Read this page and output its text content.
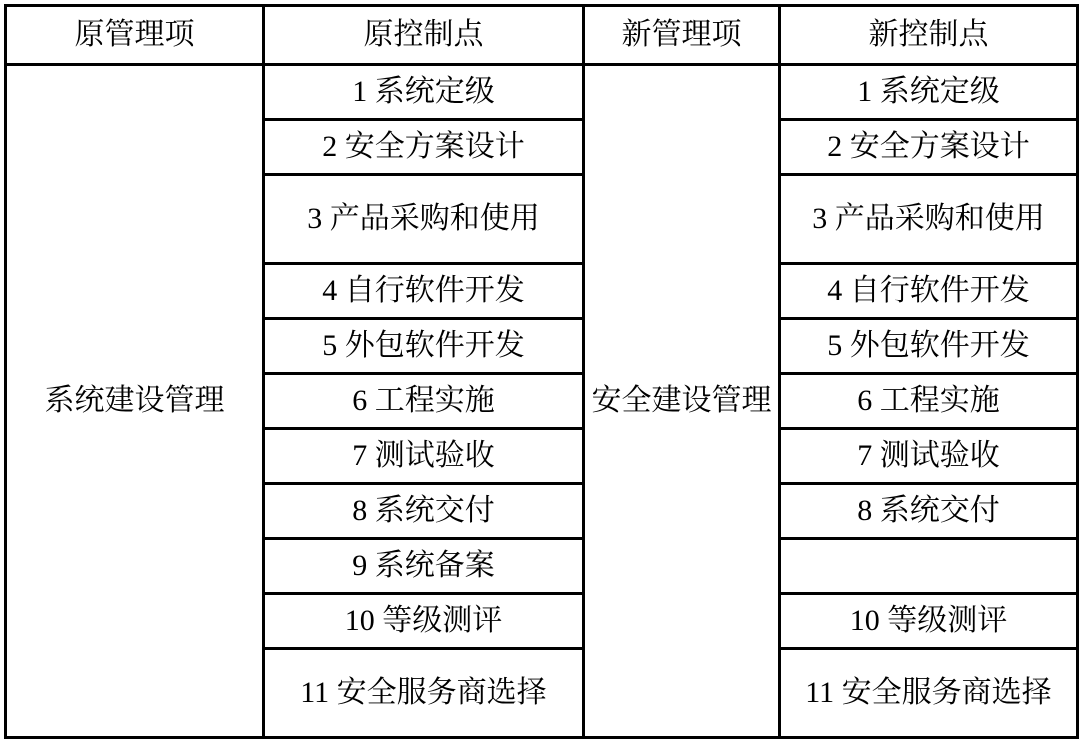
原管理项	原控制点	新管理项	新控制点
系统建设管理	1 系统定级	安全建设管理	1 系统定级
	2 安全方案设计		2 安全方案设计
	3 产品采购和使用		3 产品采购和使用
	4 自行软件开发		4 自行软件开发
	5 外包软件开发		5 外包软件开发
	6 工程实施		6 工程实施
	7 测试验收		7 测试验收
	8 系统交付		8 系统交付
	9 系统备案		
	10 等级测评		10 等级测评
	11 安全服务商选择		11 安全服务商选择
